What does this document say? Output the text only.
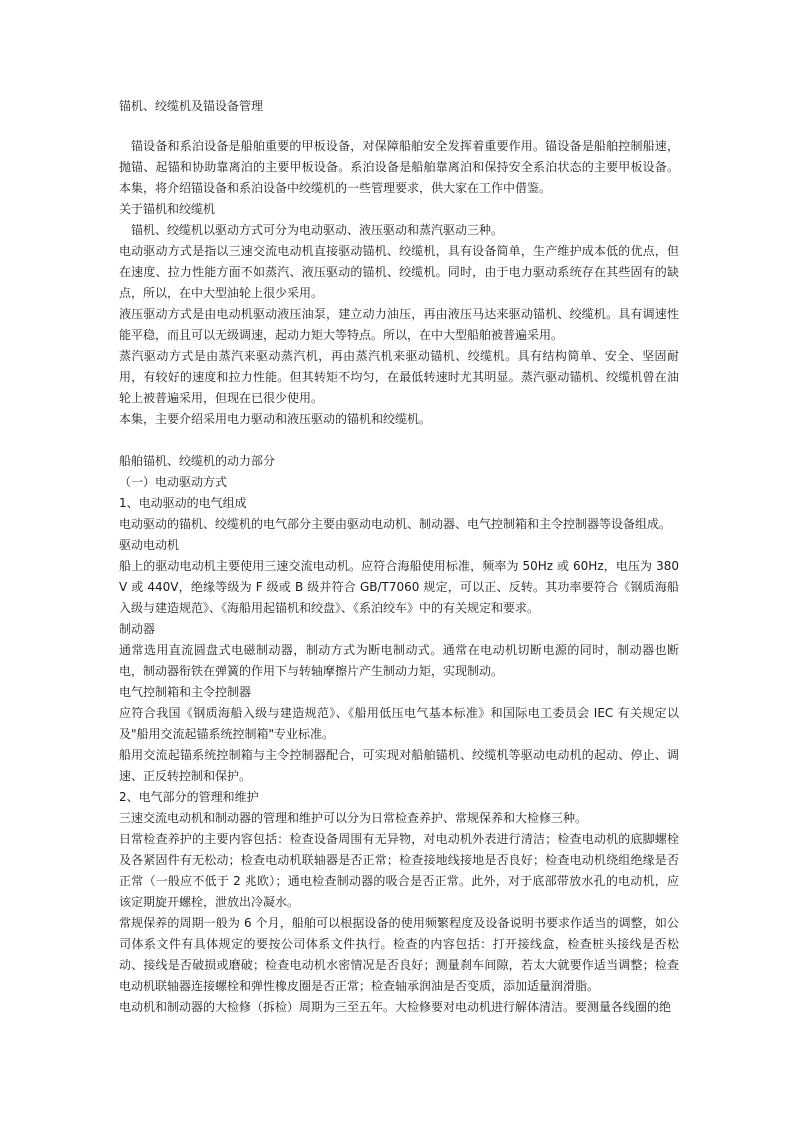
锚机、绞缆机及锚设备管理

锚设备和系泊设备是船舶重要的甲板设备，对保障船舶安全发挥着重要作用。锚设备是船舶控制船速，抛锚、起锚和协助靠离泊的主要甲板设备。系泊设备是船舶靠离泊和保持安全系泊状态的主要甲板设备。本集，将介绍锚设备和系泊设备中绞缆机的一些管理要求，供大家在工作中借鉴。

关于锚机和绞缆机

锚机、绞缆机以驱动方式可分为电动驱动、液压驱动和蒸汽驱动三种。

电动驱动方式是指以三速交流电动机直接驱动锚机、绞缆机，具有设备简单，生产维护成本低的优点，但在速度、拉力性能方面不如蒸汽、液压驱动的锚机、绞缆机。同时，由于电力驱动系统存在其些固有的缺点，所以，在中大型油轮上很少采用。

液压驱动方式是由电动机驱动液压油泵，建立动力油压，再由液压马达来驱动锚机、绞缆机。具有调速性能平稳，而且可以无级调速，起动力矩大等特点。所以，在中大型船舶被普遍采用。

蒸汽驱动方式是由蒸汽来驱动蒸汽机，再由蒸汽机来驱动锚机、绞缆机。具有结构简单、安全、坚固耐用，有较好的速度和拉力性能。但其转矩不均匀，在最低转速时尤其明显。蒸汽驱动锚机、绞缆机曾在油轮上被普遍采用，但现在已很少使用。

本集，主要介绍采用电力驱动和液压驱动的锚机和绞缆机。

船舶锚机、绞缆机的动力部分

（一）电动驱动方式

1、电动驱动的电气组成

电动驱动的锚机、绞缆机的电气部分主要由驱动电动机、制动器、电气控制箱和主令控制器等设备组成。

驱动电动机

船上的驱动电动机主要使用三速交流电动机。应符合海船使用标准，频率为 50Hz 或 60Hz，电压为 380V 或 440V，绝缘等级为 F 级或 B 级并符合 GB/T7060 规定，可以正、反转。其功率要符合《钢质海船入级与建造规范》、《海船用起锚机和绞盘》、《系泊绞车》中的有关规定和要求。

制动器

通常选用直流圆盘式电磁制动器，制动方式为断电制动式。通常在电动机切断电源的同时，制动器也断电，制动器衔铁在弹簧的作用下与转轴摩擦片产生制动力矩，实现制动。

电气控制箱和主令控制器

应符合我国《钢质海船入级与建造规范》、《船用低压电气基本标准》和国际电工委员会 IEC 有关规定以及"船用交流起锚系统控制箱"专业标准。

船用交流起锚系统控制箱与主令控制器配合，可实现对船舶锚机、绞缆机等驱动电动机的起动、停止、调速、正反转控制和保护。

2、电气部分的管理和维护

三速交流电动机和制动器的管理和维护可以分为日常检查养护、常规保养和大检修三种。

日常检查养护的主要内容包括：检查设备周围有无异物，对电动机外表进行清洁；检查电动机的底脚螺栓及各紧固件有无松动；检查电动机联轴器是否正常；检查接地线接地是否良好；检查电动机绕组绝缘是否正常（一般应不低于 2 兆欧）；通电检查制动器的吸合是否正常。此外，对于底部带放水孔的电动机，应该定期旋开螺栓，泄放出冷凝水。

常规保养的周期一般为 6 个月，船舶可以根据设备的使用频繁程度及设备说明书要求作适当的调整，如公司体系文件有具体规定的要按公司体系文件执行。检查的内容包括：打开接线盒，检查桩头接线是否松动、接线是否破损或磨破；检查电动机水密情况是否良好；测量刹车间隙，若太大就要作适当调整；检查电动机联轴器连接螺栓和弹性橡皮圈是否正常；检查轴承润油是否变质，添加适量润滑脂。

电动机和制动器的大检修（拆检）周期为三至五年。大检修要对电动机进行解体清洁。要测量各线圈的绝
